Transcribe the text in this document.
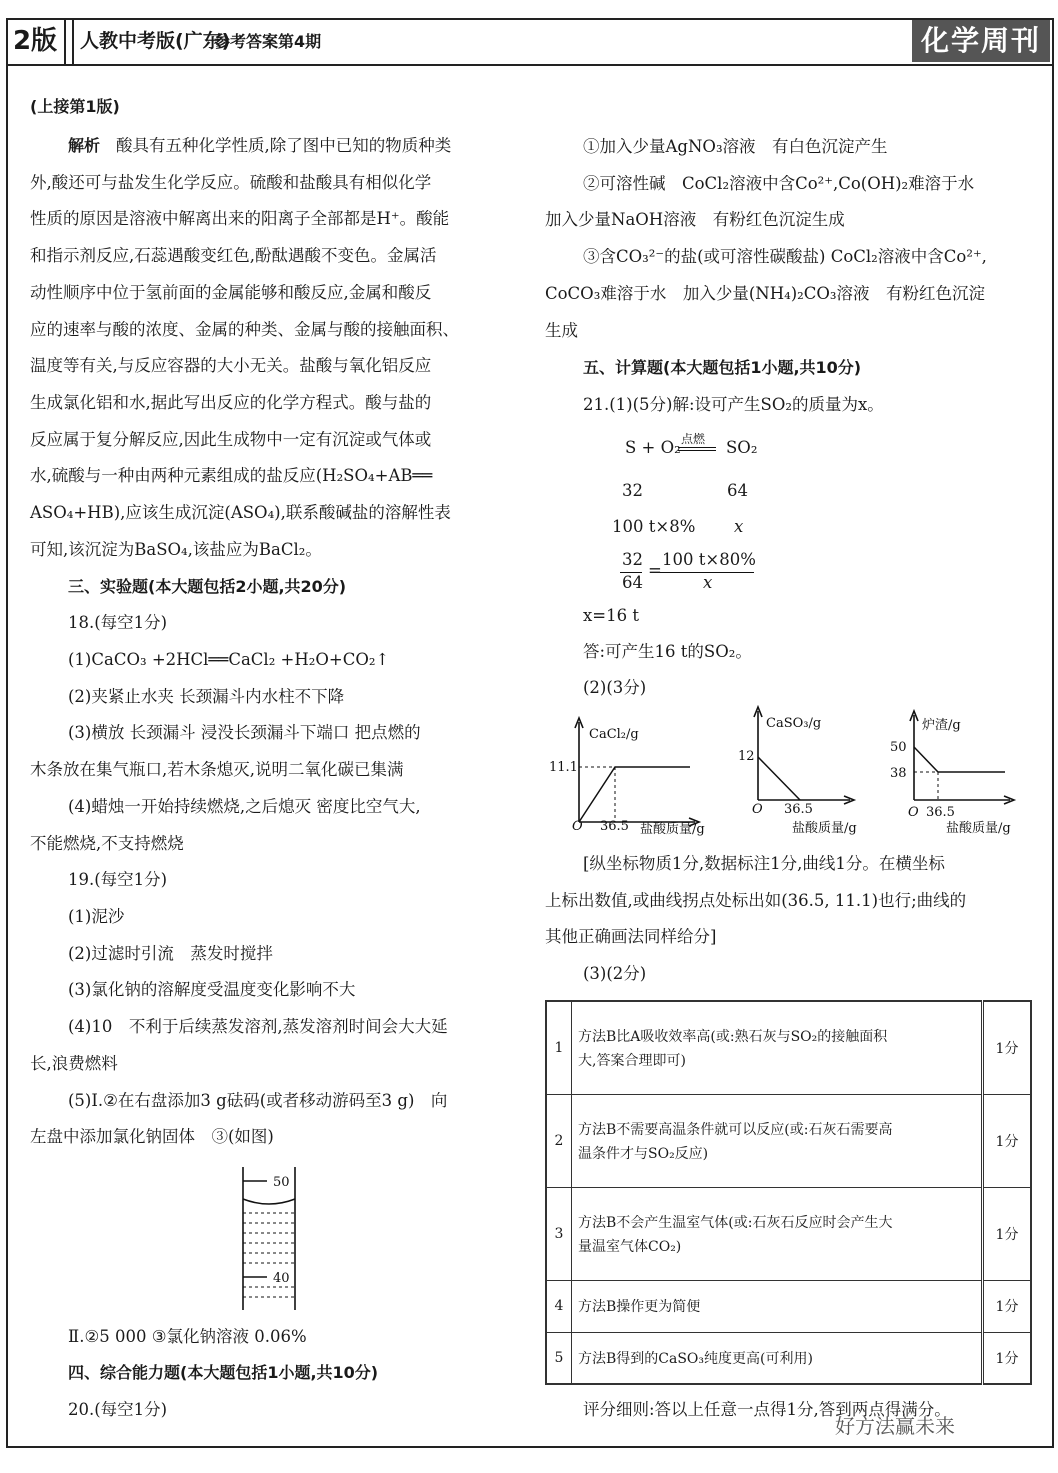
2版	人教中考版(广东)
参考答案第4期	化学周刊
(上接第1版)
解析 酸具有五种化学性质,除了图中已知的物质种类
外,酸还可与盐发生化学反应。硫酸和盐酸具有相似化学
性质的原因是溶液中解离出来的阳离子全部都是H⁺。酸能
和指示剂反应,石蕊遇酸变红色,酚酞遇酸不变色。金属活
动性顺序中位于氢前面的金属能够和酸反应,金属和酸反
应的速率与酸的浓度、金属的种类、金属与酸的接触面积、
温度等有关,与反应容器的大小无关。盐酸与氧化铝反应
生成氯化铝和水,据此写出反应的化学方程式。酸与盐的
反应属于复分解反应,因此生成物中一定有沉淀或气体或
水,硫酸与一种由两种元素组成的盐反应(H₂SO₄+AB══
ASO₄+HB),应该生成沉淀(ASO₄),联系酸碱盐的溶解性表
可知,该沉淀为BaSO₄,该盐应为BaCl₂。
三、实验题(本大题包括2小题,共20分)
18.(每空1分)
(1)CaCO₃ +2HCl══CaCl₂ +H₂O+CO₂↑
(2)夹紧止水夹 长颈漏斗内水柱不下降
(3)横放 长颈漏斗 浸没长颈漏斗下端口 把点燃的
木条放在集气瓶口,若木条熄灭,说明二氧化碳已集满
(4)蜡烛一开始持续燃烧,之后熄灭 密度比空气大,
不能燃烧,不支持燃烧
19.(每空1分)
(1)泥沙
(2)过滤时引流　蒸发时搅拌
(3)氯化钠的溶解度受温度变化影响不大
(4)10　不利于后续蒸发溶剂,蒸发溶剂时间会大大延
长,浪费燃料
(5)Ⅰ.②在右盘添加3 g砝码(或者移动游码至3 g)　向
左盘中添加氯化钠固体　③(如图)
50
40
Ⅱ.②5 000 ③氯化钠溶液 0.06%
四、综合能力题(本大题包括1小题,共10分)
20.(每空1分)
①加入少量AgNO₃溶液　有白色沉淀产生
②可溶性碱　CoCl₂溶液中含Co²⁺,Co(OH)₂难溶于水
加入少量NaOH溶液　有粉红色沉淀生成
③含CO₃²⁻的盐(或可溶性碳酸盐) CoCl₂溶液中含Co²⁺,
CoCO₃难溶于水　加入少量(NH₄)₂CO₃溶液　有粉红色沉淀
生成
五、计算题(本大题包括1小题,共10分)
21.(1)(5分)解:设可产生SO₂的质量为x。
S + O₂ 点燃 SO₂
32	64
100 t×8% x
32
64
=
100 t×80%
x
x=16 t
答:可产生16 t的SO₂。
(2)(3分)
CaCl₂/g
11.1
O 36.5 盐酸质量/g
CaSO₃/g
12
O 36.5
盐酸质量/g
炉渣/g
50
38
O 36.5
盐酸质量/g
[纵坐标物质1分,数据标注1分,曲线1分。在横坐标
上标出数值,或曲线拐点处标出如(36.5, 11.1)也行;曲线的
其他正确画法同样给分]
(3)(2分)
1	方法B比A吸收效率高(或:熟石灰与SO₂的接触面积
大,答案合理即可)	1分
2	方法B不需要高温条件就可以反应(或:石灰石需要高
温条件才与SO₂反应)	1分
3	方法B不会产生温室气体(或:石灰石反应时会产生大
量温室气体CO₂)	1分
4	方法B操作更为简便	1分
5	方法B得到的CaSO₃纯度更高(可利用)	1分
评分细则:答以上任意一点得1分,答到两点得满分。
好方法赢未来
